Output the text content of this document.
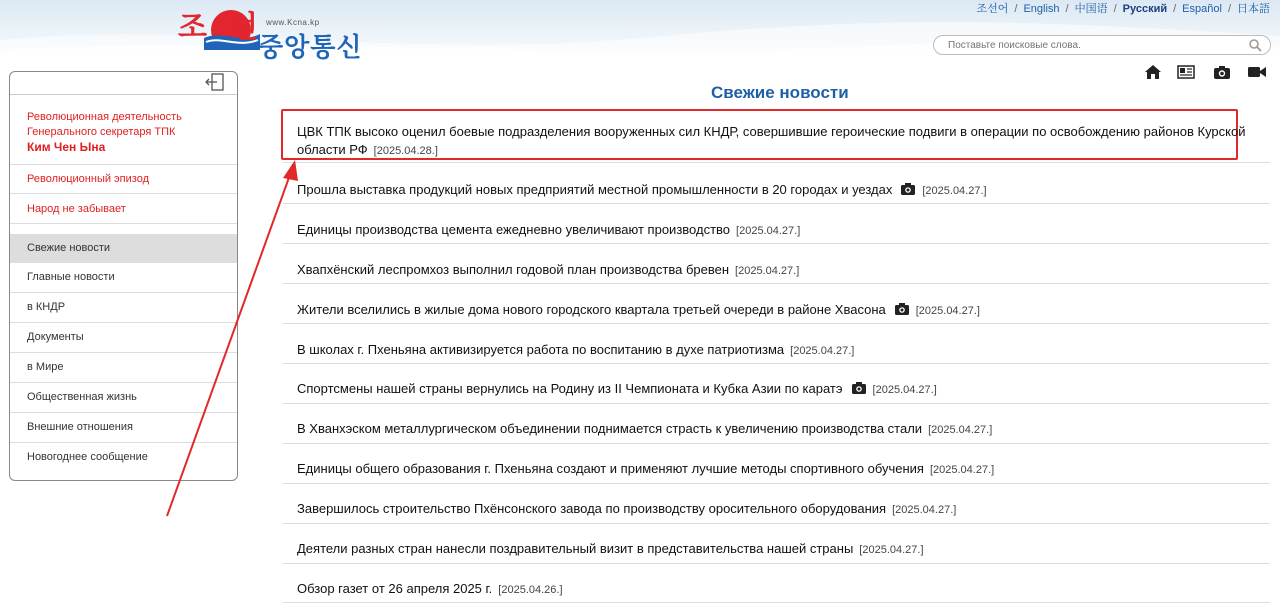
조선
중앙통신
www.Kcna.kp
조선어 / English / 中国语 / Русский / Español / 日本語
Поставьте поисковые слова.
Революционная деятельность
Генерального секретаря ТПК
Ким Чен Ына
Революционный эпизод
Народ не забывает
Свежие новости
Главные новости
в КНДР
Документы
в Мире
Общественная жизнь
Внешние отношения
Новогоднее сообщение
Свежие новости
ЦВК ТПК высоко оценил боевые подразделения вооруженных сил КНДР, совершившие героические подвиги в операции по освобождению районов Курской
области РФ [2025.04.28.]
Прошла выставка продукций новых предприятий местной промышленности в 20 городах и уездах	[2025.04.27.]
Единицы производства цемента ежедневно увеличивают производство [2025.04.27.]
Хвапхёнский леспромхоз выполнил годовой план производства бревен [2025.04.27.]
Жители вселились в жилые дома нового городского квартала третьей очереди в районе Хвасона	[2025.04.27.]
В школах г. Пхеньяна активизируется работа по воспитанию в духе патриотизма [2025.04.27.]
Спортсмены нашей страны вернулись на Родину из II Чемпионата и Кубка Азии по каратэ	[2025.04.27.]
В Хванхэском металлургическом объединении поднимается страсть к увеличению производства стали [2025.04.27.]
Единицы общего образования г. Пхеньяна создают и применяют лучшие методы спортивного обучения [2025.04.27.]
Завершилось строительство Пхёнсонского завода по производству оросительного оборудования [2025.04.27.]
Деятели разных стран нанесли поздравительный визит в представительства нашей страны [2025.04.27.]
Обзор газет от 26 апреля 2025 г. [2025.04.26.]
